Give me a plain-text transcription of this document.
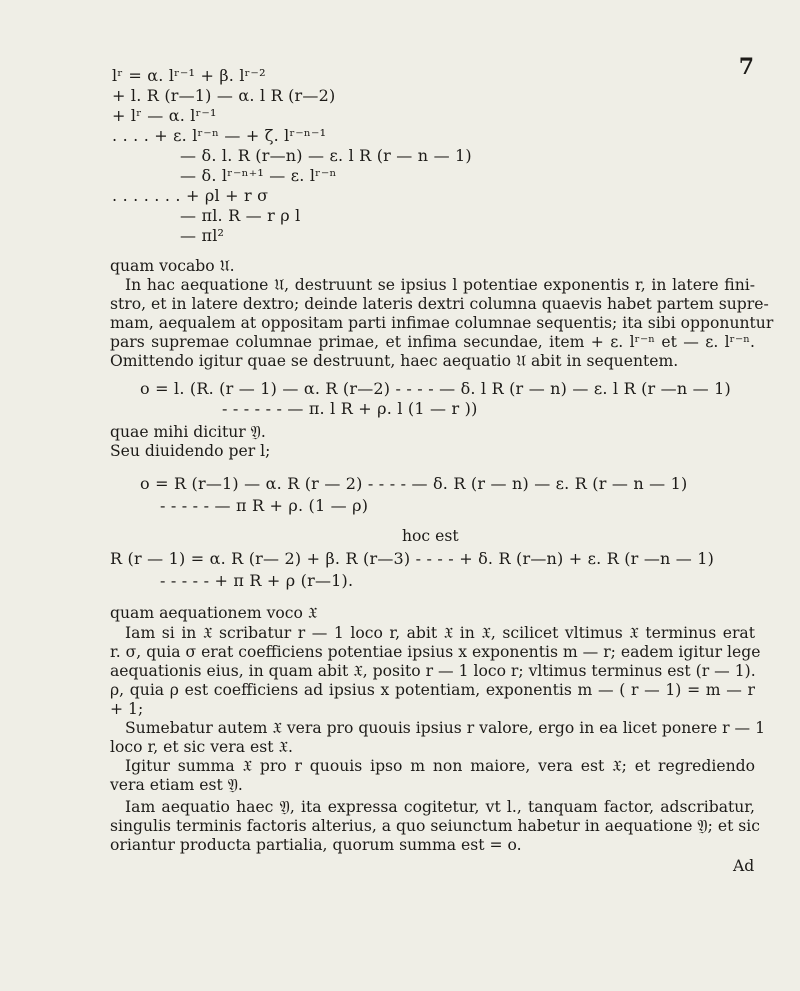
7
lʳ = α. lʳ⁻¹ + β. lʳ⁻²
+ l. R (r—1) — α. l R (r—2)
+ lʳ — α. lʳ⁻¹
. . . . + ε. lʳ⁻ⁿ — + ζ. lʳ⁻ⁿ⁻¹
— δ. l. R (r—n) — ε. l R (r — n — 1)
— δ. lʳ⁻ⁿ⁺¹ — ε. lʳ⁻ⁿ
. . . . . . . + ρl + r σ
— πl. R — r ρ l
— πl²
quam vocabo 𝔘.
In hac aequatione 𝔘, destruunt se ipsius l potentiae exponentis r, in latere fini-
stro, et in latere dextro; deinde lateris dextri columna quaevis habet partem supre-
mam, aequalem at oppositam parti infimae columnae sequentis; ita sibi opponuntur
pars supremae columnae primae, et infima secundae, item + ε. lʳ⁻ⁿ et — ε. lʳ⁻ⁿ.
Omittendo igitur quae se destruunt, haec aequatio 𝔘 abit in sequentem.
o = l. (R. (r — 1) — α. R (r—2) - - - - — δ. l R (r — n) — ε. l R (r —n — 1)
- - - - - - — π. l R + ρ. l (1 — r ))
quae mihi dicitur 𝔜.
Seu diuidendo per l;
o = R (r—1) — α. R (r — 2) - - - - — δ. R (r — n) — ε. R (r — n — 1)
- - - - - — π R + ρ. (1 — ρ)
hoc est
R (r — 1) = α. R (r— 2) + β. R (r—3) - - - - + δ. R (r—n) + ε. R (r —n — 1)
- - - - - + π R + ρ (r—1).
quam aequationem voco 𝔛
Iam si in 𝔛 scribatur r — 1 loco r, abit 𝔛 in 𝔛, scilicet vltimus 𝔛 terminus erat
r. σ, quia σ erat coefficiens potentiae ipsius x exponentis m — r; eadem igitur lege
aequationis eius, in quam abit 𝔛, posito r — 1 loco r; vltimus terminus est (r — 1).
ρ, quia ρ est coefficiens ad ipsius x potentiam, exponentis m — ( r — 1) = m — r
+ 1;
Sumebatur autem 𝔛 vera pro quouis ipsius r valore, ergo in ea licet ponere r — 1
loco r, et sic vera est 𝔛.
Igitur summa 𝔛 pro r quouis ipso m non maiore, vera est 𝔛; et regrediendo
vera etiam est 𝔜.
Iam aequatio haec 𝔜, ita expressa cogitetur, vt l., tanquam factor, adscribatur,
singulis terminis factoris alterius, a quo seiunctum habetur in aequatione 𝔜; et sic
oriantur producta partialia, quorum summa est = o.
Ad
